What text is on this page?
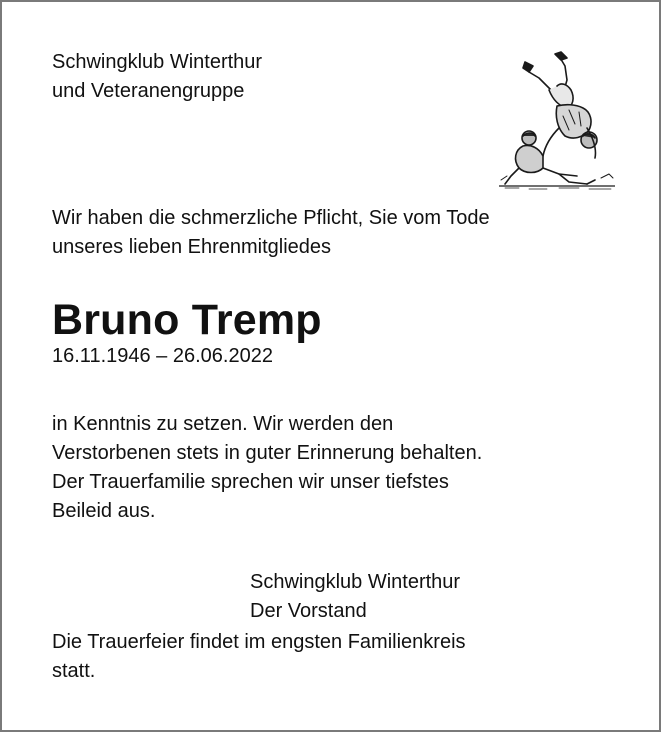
Schwingklub Winterthur
und Veteranengruppe
Wir haben die schmerzliche Pflicht, Sie vom Tode
unseres lieben Ehrenmitgliedes
Bruno Tremp
16.11.1946 – 26.06.2022
in Kenntnis zu setzen. Wir werden den
Verstorbenen stets in guter Erinnerung behalten.
Der Trauerfamilie sprechen wir unser tiefstes
Beileid aus.
Schwingklub Winterthur
Der Vorstand
Die Trauerfeier findet im engsten Familienkreis
statt.
